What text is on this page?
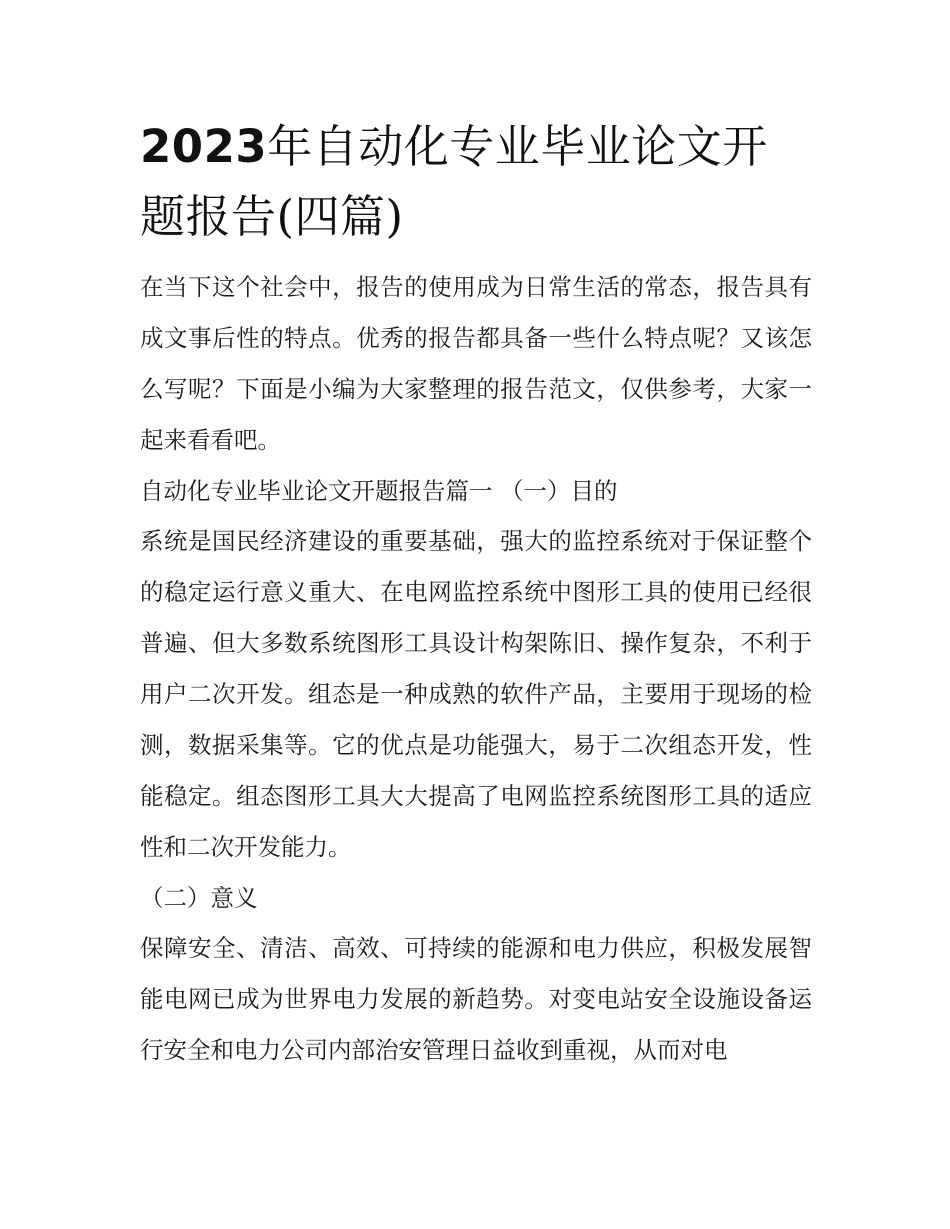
2023年自动化专业毕业论文开题报告(四篇)

在当下这个社会中，报告的使用成为日常生活的常态，报告具有成文事后性的特点。优秀的报告都具备一些什么特点呢？又该怎么写呢？下面是小编为大家整理的报告范文，仅供参考，大家一起来看看吧。

自动化专业毕业论文开题报告篇一 （一）目的

系统是国民经济建设的重要基础，强大的监控系统对于保证整个的稳定运行意义重大、在电网监控系统中图形工具的使用已经很普遍、但大多数系统图形工具设计构架陈旧、操作复杂，不利于用户二次开发。组态是一种成熟的软件产品，主要用于现场的检测，数据采集等。它的优点是功能强大，易于二次组态开发，性能稳定。组态图形工具大大提高了电网监控系统图形工具的适应性和二次开发能力。

（二）意义

保障安全、清洁、高效、可持续的能源和电力供应，积极发展智能电网已成为世界电力发展的新趋势。对变电站安全设施设备运行安全和电力公司内部治安管理日益收到重视，从而对电
